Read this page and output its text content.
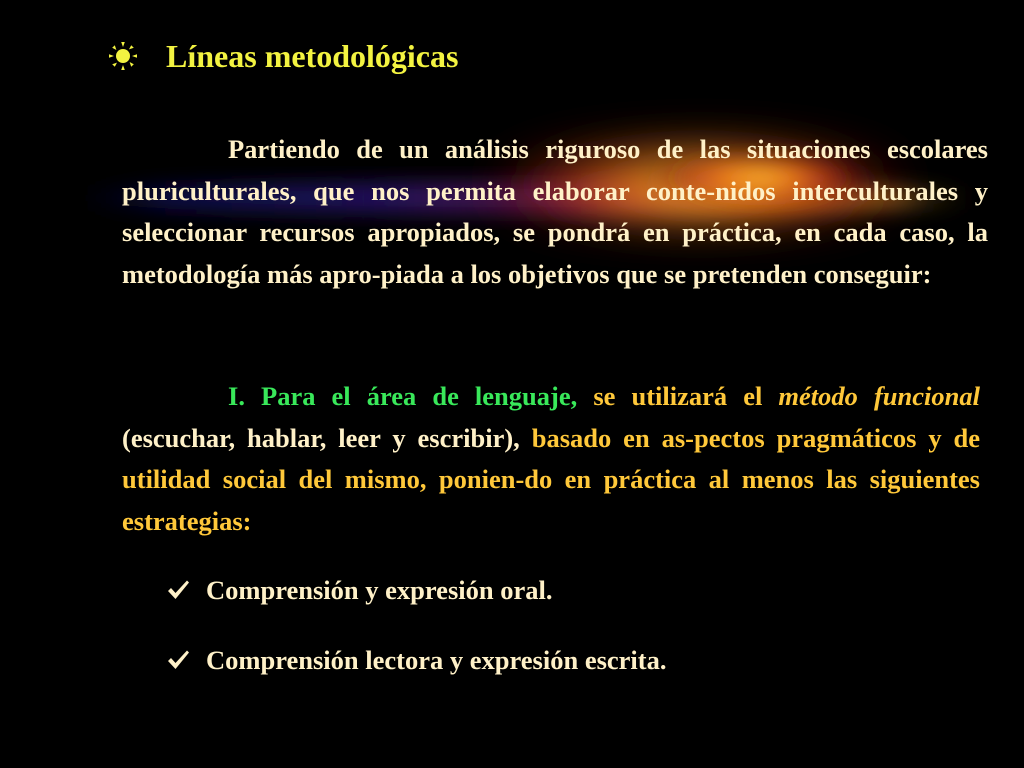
Líneas metodológicas

Partiendo de un análisis riguroso de las situaciones escolares pluriculturales, que nos permita elaborar conte-nidos interculturales y seleccionar recursos apropiados, se pondrá en práctica, en cada caso, la metodología más apro-piada a los objetivos que se pretenden conseguir:

I. Para el área de lenguaje, se utilizará el método funcional (escuchar, hablar, leer y escribir), basado en as-pectos pragmáticos y de utilidad social del mismo, ponien-do en práctica al menos las siguientes estrategias:

Comprensión y expresión oral.
Comprensión lectora y expresión escrita.
